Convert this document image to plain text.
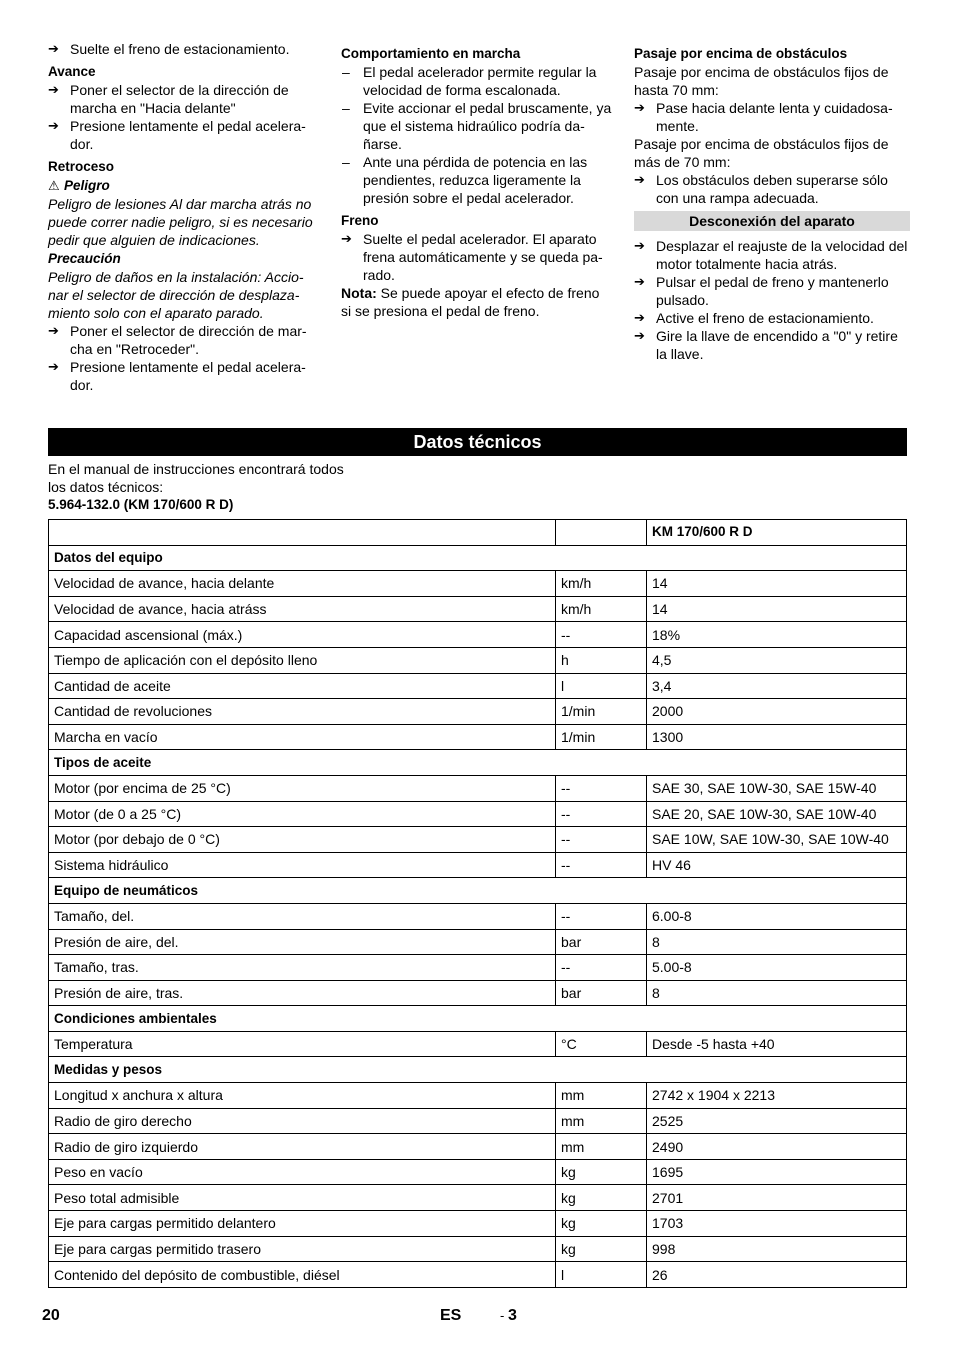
➔ Suelte el freno de estacionamiento.
Avance
➔ Poner el selector de la dirección de marcha en "Hacia delante"
➔ Presione lentamente el pedal acelera-dor.
Retroceso
⚠ Peligro

Peligro de lesiones Al dar marcha atrás no puede correr nadie peligro, si es necesario pedir que alguien de indicaciones.

Precaución

Peligro de daños en la instalación: Accio-nar el selector de dirección de desplaza-miento solo con el aparato parado.

➔ Poner el selector de dirección de mar-cha en "Retroceder".
➔ Presione lentamente el pedal acelera-dor.
Comportamiento en marcha
– El pedal acelerador permite regular la velocidad de forma escalonada.
– Evite accionar el pedal bruscamente, ya que el sistema hidraúlico podría da-ñarse.
– Ante una pérdida de potencia en las pendientes, reduzca ligeramente la presión sobre el pedal acelerador.
Freno
➔ Suelte el pedal acelerador. El aparato frena automáticamente y se queda pa-rado.

Nota: Se puede apoyar el efecto de freno si se presiona el pedal de freno.

Pasaje por encima de obstáculos

Pasaje por encima de obstáculos fijos de hasta 70 mm:

➔ Pase hacia delante lenta y cuidadosa-mente.

Pasaje por encima de obstáculos fijos de más de 70 mm:

➔ Los obstáculos deben superarse sólo con una rampa adecuada.
Desconexión del aparato
➔ Desplazar el reajuste de la velocidad del motor totalmente hacia atrás.
➔ Pulsar el pedal de freno y mantenerlo pulsado.
➔ Active el freno de estacionamiento.
➔ Gire la llave de encendido a "0" y retire la llave.
Datos técnicos
En el manual de instrucciones encontrará todos los datos técnicos:
5.964-132.0 (KM 170/600 R D)
		KM 170/600 R D
Datos del equipo		
Velocidad de avance, hacia delante	km/h	14
Velocidad de avance, hacia atráss	km/h	14
Capacidad ascensional (máx.)	--	18%
Tiempo de aplicación con el depósito lleno	h	4,5
Cantidad de aceite	l	3,4
Cantidad de revoluciones	1/min	2000
Marcha en vacío	1/min	1300
Tipos de aceite		
Motor (por encima de 25 °C)	--	SAE 30, SAE 10W-30, SAE 15W-40
Motor (de 0 a 25 °C)	--	SAE 20, SAE 10W-30, SAE 10W-40
Motor (por debajo de 0 °C)	--	SAE 10W, SAE 10W-30, SAE 10W-40
Sistema hidráulico	--	HV 46
Equipo de neumáticos		
Tamaño, del.	--	6.00-8
Presión de aire, del.	bar	8
Tamaño, tras.	--	5.00-8
Presión de aire, tras.	bar	8
Condiciones ambientales		
Temperatura	°C	Desde -5 hasta +40
Medidas y pesos		
Longitud x anchura x altura	mm	2742 x 1904 x 2213
Radio de giro derecho	mm	2525
Radio de giro izquierdo	mm	2490
Peso en vacío	kg	1695
Peso total admisible	kg	2701
Eje para cargas permitido delantero	kg	1703
Eje para cargas permitido trasero	kg	998
Contenido del depósito de combustible, diésel	l	26
20	ES	- 3
